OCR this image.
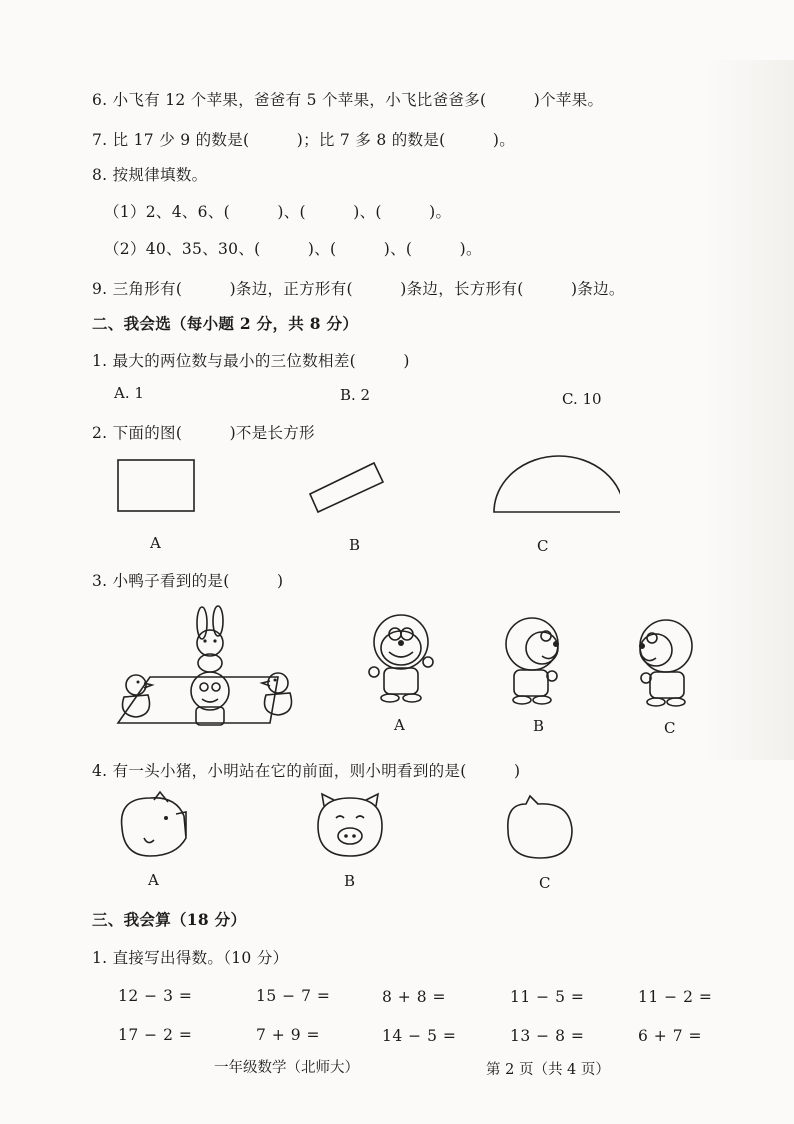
6. 小飞有 12 个苹果，爸爸有 5 个苹果，小飞比爸爸多(　　　)个苹果。
7. 比 17 少 9 的数是(　　　)；比 7 多 8 的数是(　　　)。
8. 按规律填数。
（1）2、4、6、(　　　)、(　　　)、(　　　)。
（2）40、35、30、(　　　)、(　　　)、(　　　)。
9. 三角形有(　　　)条边，正方形有(　　　)条边，长方形有(　　　)条边。
二、我会选（每小题 2 分，共 8 分）
1. 最大的两位数与最小的三位数相差(　　　)
A. 1	B. 2	C. 10
2. 下面的图(　　　)不是长方形
A	B	C
3. 小鸭子看到的是(　　　)
A	B	C
4. 有一头小猪，小明站在它的前面，则小明看到的是(　　　)
A	B	C
三、我会算（18 分）
1. 直接写出得数。（10 分）
12 − 3 =	15 − 7 =	8 + 8 =	11 − 5 =	11 − 2 =
17 − 2 =	7 + 9 =	14 − 5 =	13 − 8 =	6 + 7 =
一年级数学（北师大）	第 2 页（共 4 页）
